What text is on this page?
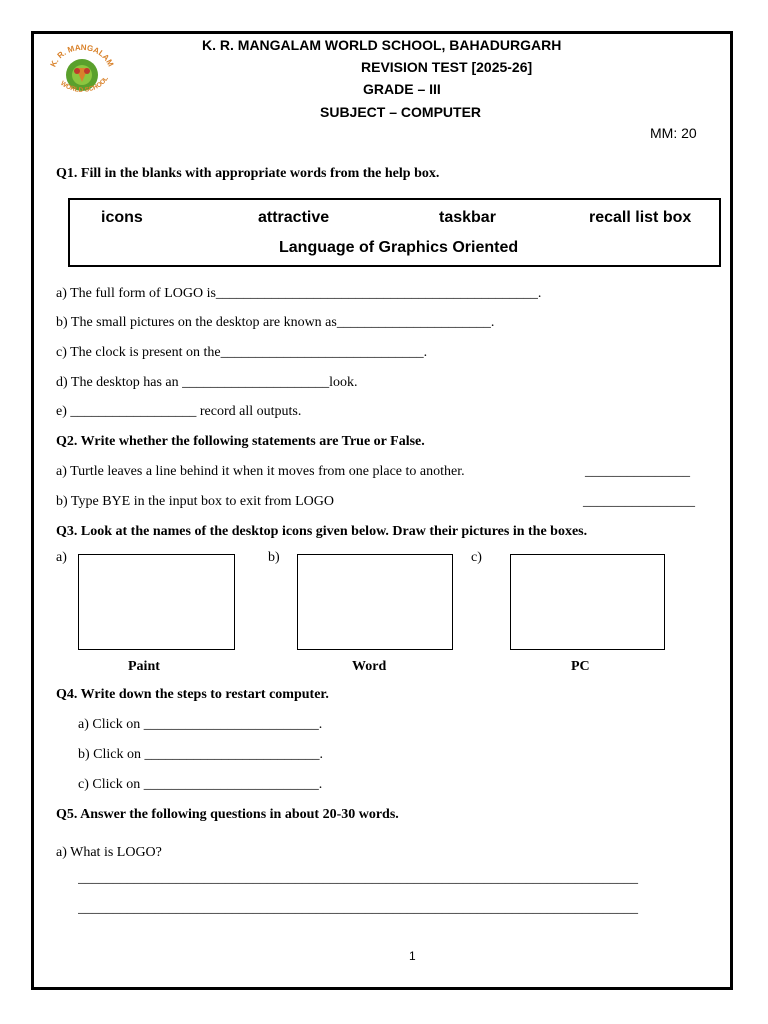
K. R. MANGALAM
WORLD SCHOOL
K. R. MANGALAM WORLD SCHOOL, BAHADURGARH
REVISION TEST [2025-26]
GRADE – III
SUBJECT – COMPUTER
MM: 20
Q1. Fill in the blanks with appropriate words from the help box.
icons	attractive	taskbar	recall list box
Language of Graphics Oriented
a) The full form of LOGO is______________________________________________.
b) The small pictures on the desktop are known as______________________.
c) The clock is present on the_____________________________.
d) The desktop has an _____________________look.
e) __________________ record all outputs.
Q2. Write whether the following statements are True or False.
a) Turtle leaves a line behind it when it moves from one place to another.	_______________
b) Type BYE in the input box to exit from LOGO	________________
Q3. Look at the names of the desktop icons given below. Draw their pictures in the boxes.
a)	b)	c)
Paint	Word	PC
Q4. Write down the steps to restart computer.
a) Click on _________________________.
b) Click on _________________________.
c) Click on _________________________.
Q5. Answer the following questions in about 20-30 words.
a) What is LOGO?
________________________________________________________________________________
________________________________________________________________________________
1
